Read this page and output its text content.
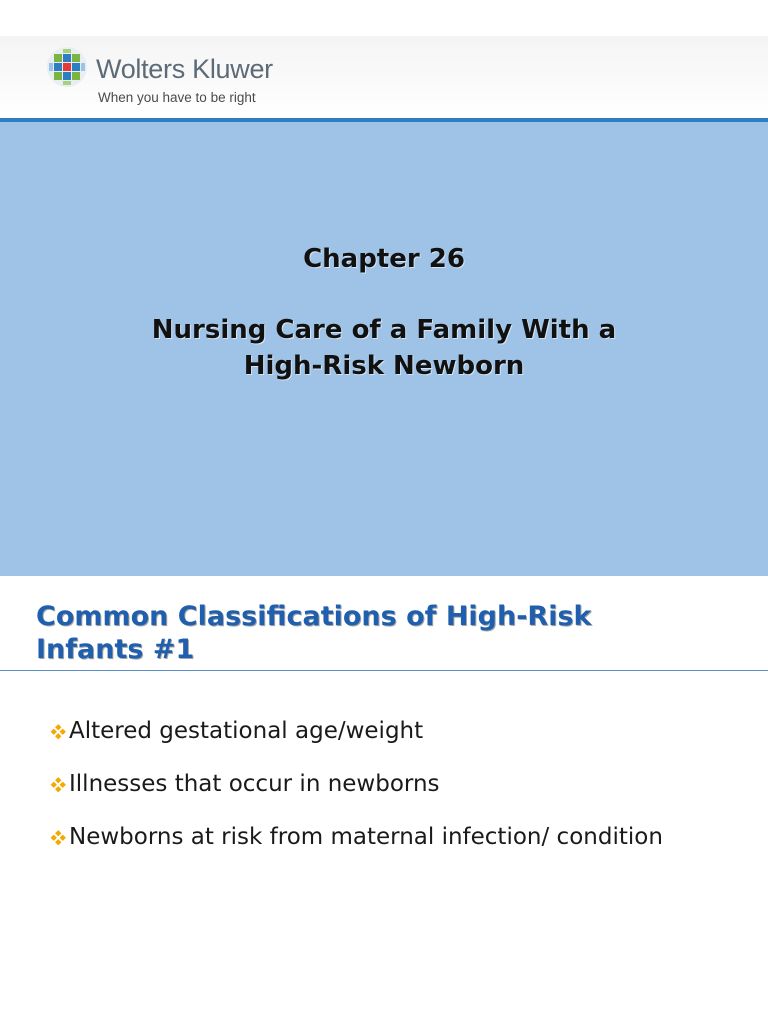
Wolters Kluwer
When you have to be right
Chapter 26
Nursing Care of a Family With a
High-Risk Newborn
Common Classifications of High-Risk
Infants #1
Altered gestational age/weight
Illnesses that occur in newborns
Newborns at risk from maternal infection/ condition
